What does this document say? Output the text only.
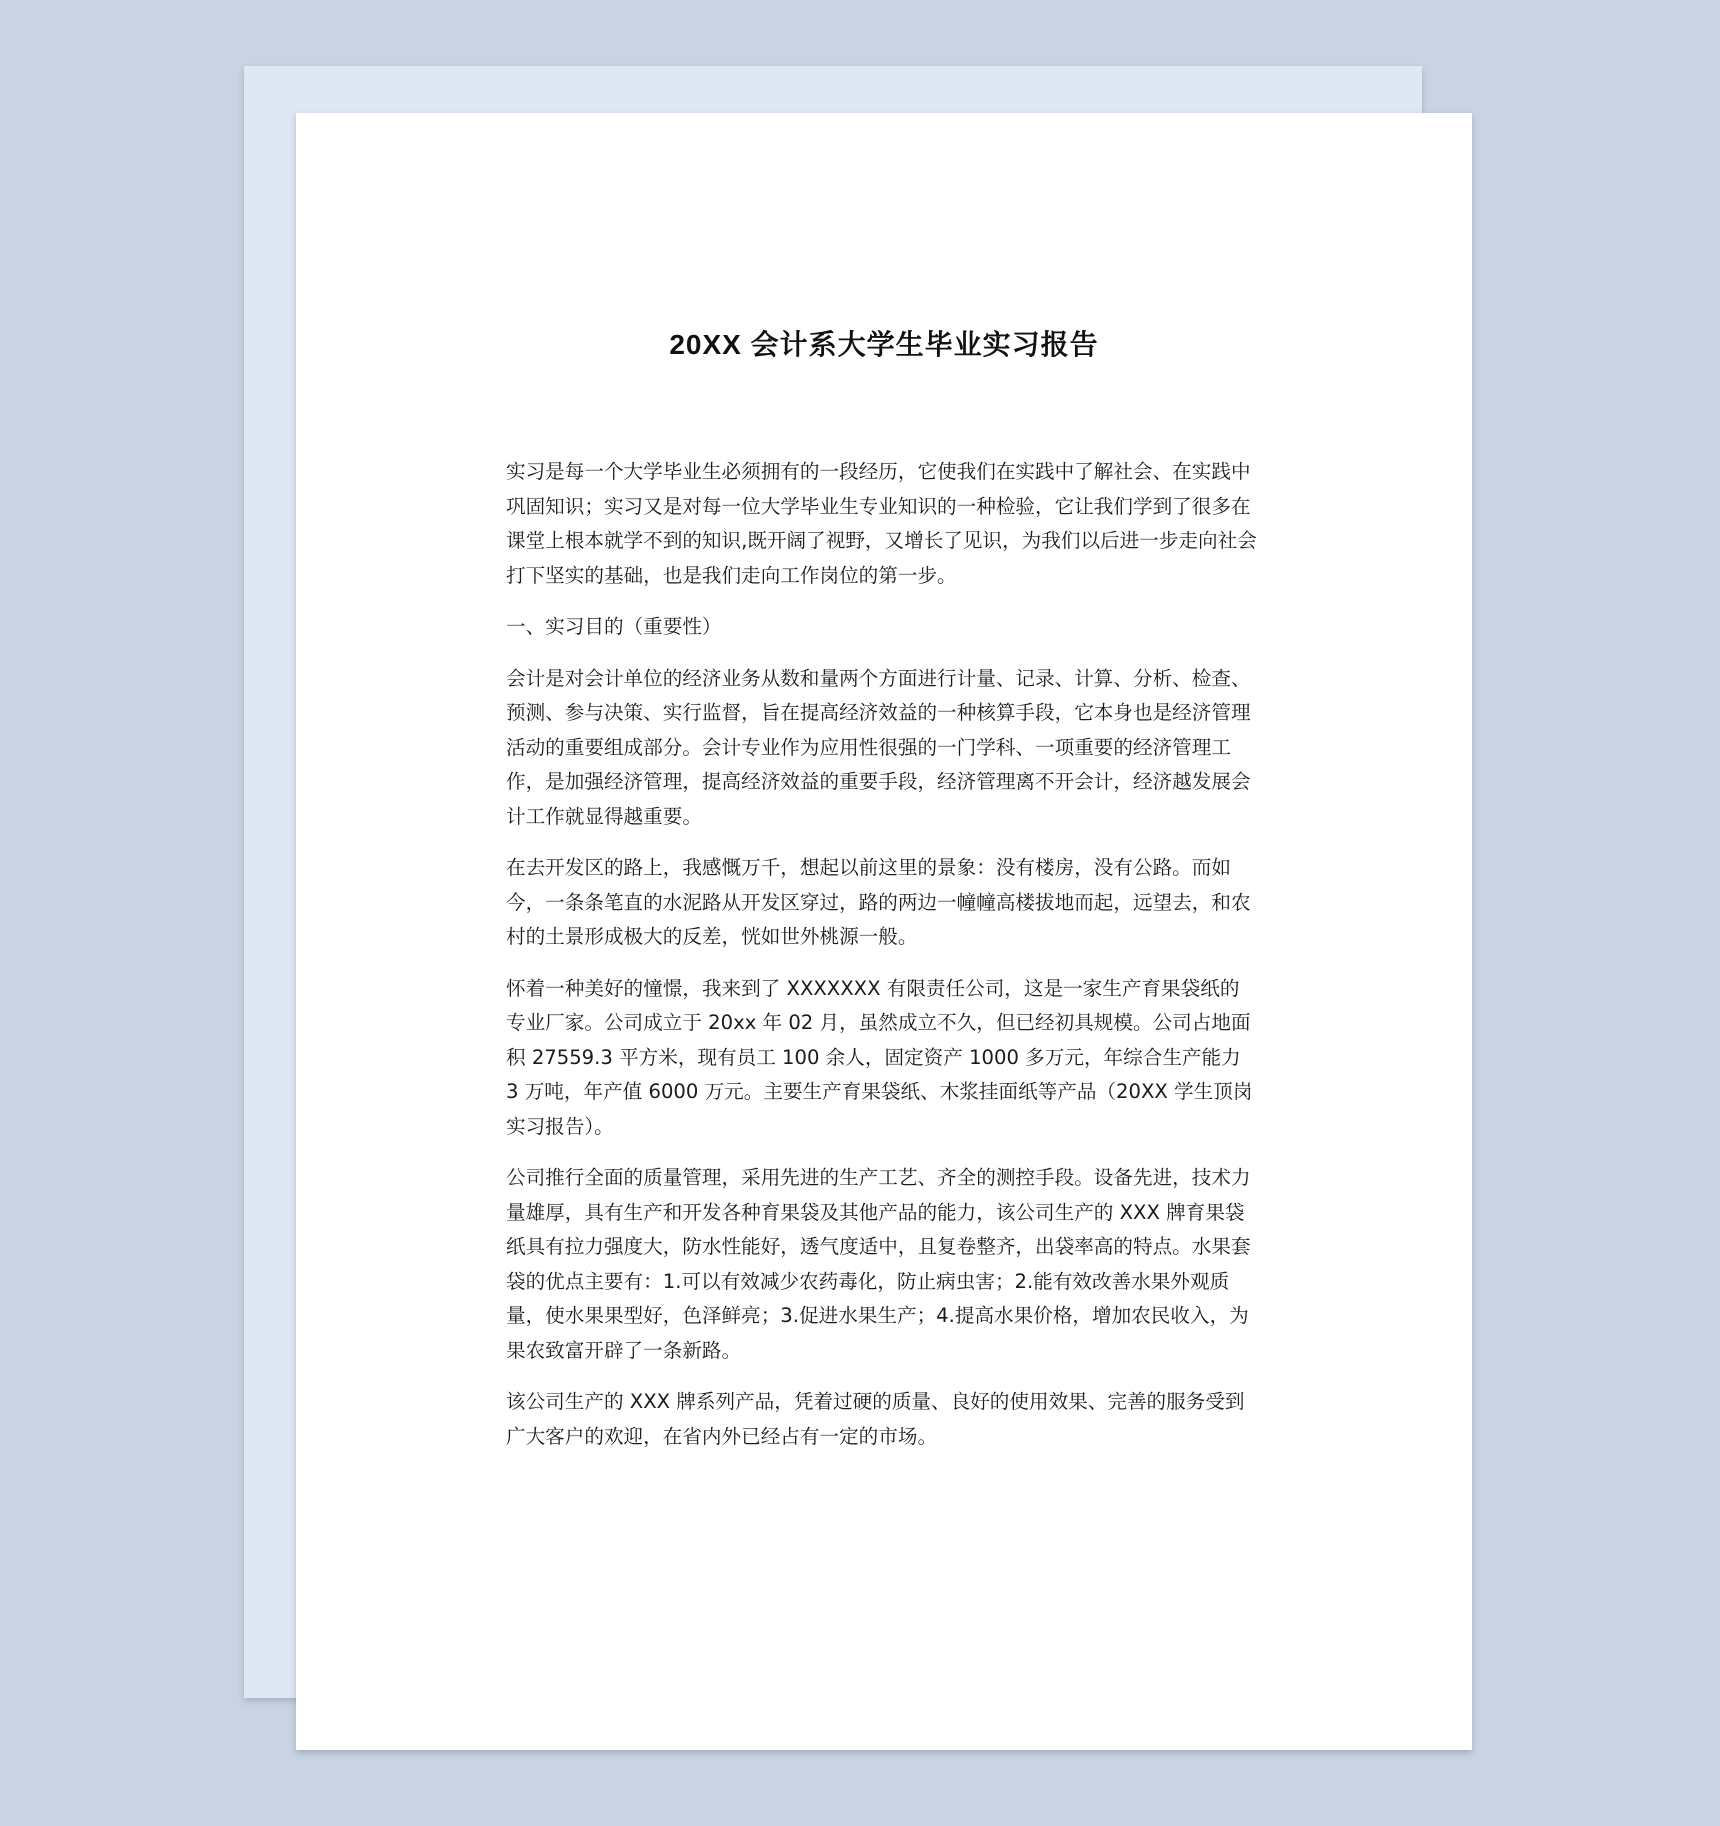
20XX 会计系大学生毕业实习报告

实习是每一个大学毕业生必须拥有的一段经历，它使我们在实践中了解社会、在实践中巩固知识；实习又是对每一位大学毕业生专业知识的一种检验，它让我们学到了很多在课堂上根本就学不到的知识,既开阔了视野，又增长了见识，为我们以后进一步走向社会打下坚实的基础，也是我们走向工作岗位的第一步。

一、实习目的（重要性）

会计是对会计单位的经济业务从数和量两个方面进行计量、记录、计算、分析、检查、预测、参与决策、实行监督，旨在提高经济效益的一种核算手段，它本身也是经济管理活动的重要组成部分。会计专业作为应用性很强的一门学科、一项重要的经济管理工作，是加强经济管理，提高经济效益的重要手段，经济管理离不开会计，经济越发展会计工作就显得越重要。

在去开发区的路上，我感慨万千，想起以前这里的景象：没有楼房，没有公路。而如今，一条条笔直的水泥路从开发区穿过，路的两边一幢幢高楼拔地而起，远望去，和农村的土景形成极大的反差，恍如世外桃源一般。

怀着一种美好的憧憬，我来到了 XXXXXXX 有限责任公司，这是一家生产育果袋纸的专业厂家。公司成立于 20xx 年 02 月，虽然成立不久，但已经初具规模。公司占地面积 27559.3 平方米，现有员工 100 余人，固定资产 1000 多万元，年综合生产能力 3 万吨，年产值 6000 万元。主要生产育果袋纸、木浆挂面纸等产品（20XX 学生顶岗实习报告）。

公司推行全面的质量管理，采用先进的生产工艺、齐全的测控手段。设备先进，技术力量雄厚，具有生产和开发各种育果袋及其他产品的能力，该公司生产的 XXX 牌育果袋纸具有拉力强度大，防水性能好，透气度适中，且复卷整齐，出袋率高的特点。水果套袋的优点主要有：1.可以有效减少农药毒化，防止病虫害；2.能有效改善水果外观质量，使水果果型好，色泽鲜亮；3.促进水果生产；4.提高水果价格，增加农民收入，为果农致富开辟了一条新路。

该公司生产的 XXX 牌系列产品，凭着过硬的质量、良好的使用效果、完善的服务受到广大客户的欢迎，在省内外已经占有一定的市场。
